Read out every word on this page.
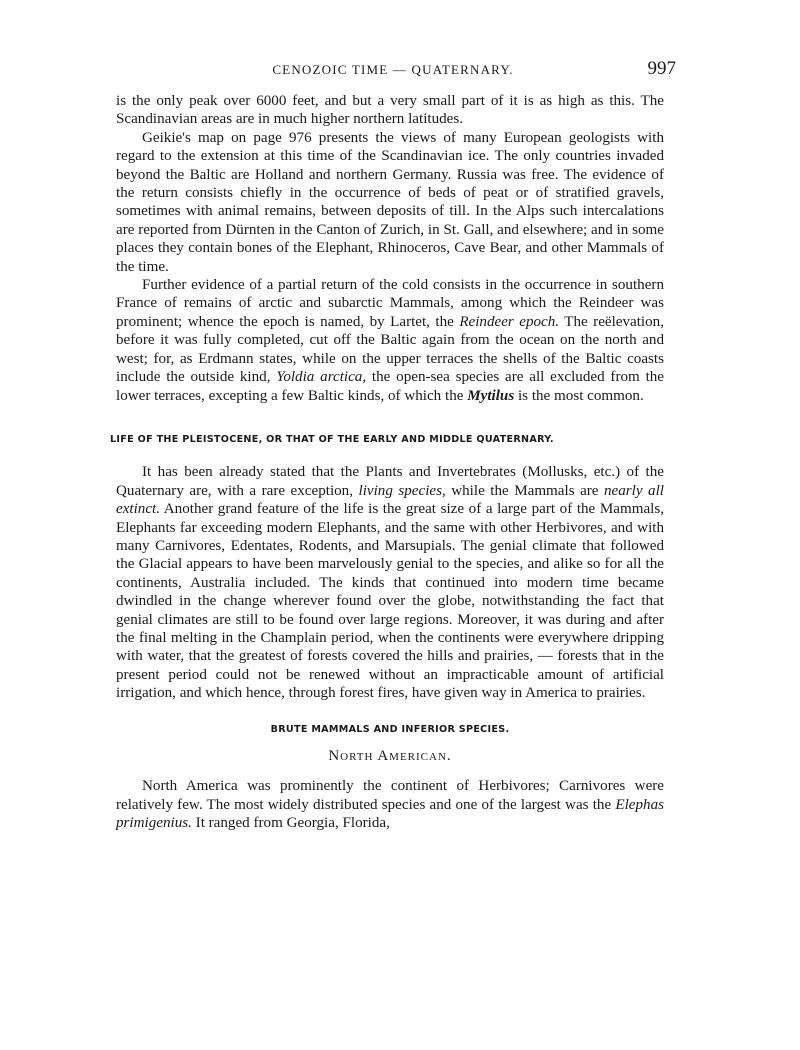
CENOZOIC TIME — QUATERNARY.	997

is the only peak over 6000 feet, and but a very small part of it is as high as this. The Scandinavian areas are in much higher northern latitudes.

Geikie's map on page 976 presents the views of many European geologists with regard to the extension at this time of the Scandinavian ice. The only countries invaded beyond the Baltic are Holland and northern Germany. Russia was free. The evidence of the return consists chiefly in the occurrence of beds of peat or of stratified gravels, sometimes with animal remains, between deposits of till. In the Alps such intercalations are reported from Dürnten in the Canton of Zurich, in St. Gall, and elsewhere; and in some places they contain bones of the Elephant, Rhinoceros, Cave Bear, and other Mammals of the time.

Further evidence of a partial return of the cold consists in the occurrence in southern France of remains of arctic and subarctic Mammals, among which the Reindeer was prominent; whence the epoch is named, by Lartet, the Reindeer epoch. The reëlevation, before it was fully completed, cut off the Baltic again from the ocean on the north and west; for, as Erdmann states, while on the upper terraces the shells of the Baltic coasts include the outside kind, Yoldia arctica, the open-sea species are all excluded from the lower terraces, excepting a few Baltic kinds, of which the Mytilus is the most common.

LIFE OF THE PLEISTOCENE, OR THAT OF THE EARLY AND MIDDLE QUATERNARY.

It has been already stated that the Plants and Invertebrates (Mollusks, etc.) of the Quaternary are, with a rare exception, living species, while the Mammals are nearly all extinct. Another grand feature of the life is the great size of a large part of the Mammals, Elephants far exceeding modern Elephants, and the same with other Herbivores, and with many Carnivores, Edentates, Rodents, and Marsupials. The genial climate that followed the Glacial appears to have been marvelously genial to the species, and alike so for all the continents, Australia included. The kinds that continued into modern time became dwindled in the change wherever found over the globe, notwithstanding the fact that genial climates are still to be found over large regions. Moreover, it was during and after the final melting in the Champlain period, when the continents were everywhere dripping with water, that the greatest of forests covered the hills and prairies, — forests that in the present period could not be renewed without an impracticable amount of artificial irrigation, and which hence, through forest fires, have given way in America to prairies.

BRUTE MAMMALS AND INFERIOR SPECIES.
North American.

North America was prominently the continent of Herbivores; Carnivores were relatively few. The most widely distributed species and one of the largest was the Elephas primigenius. It ranged from Georgia, Florida,
